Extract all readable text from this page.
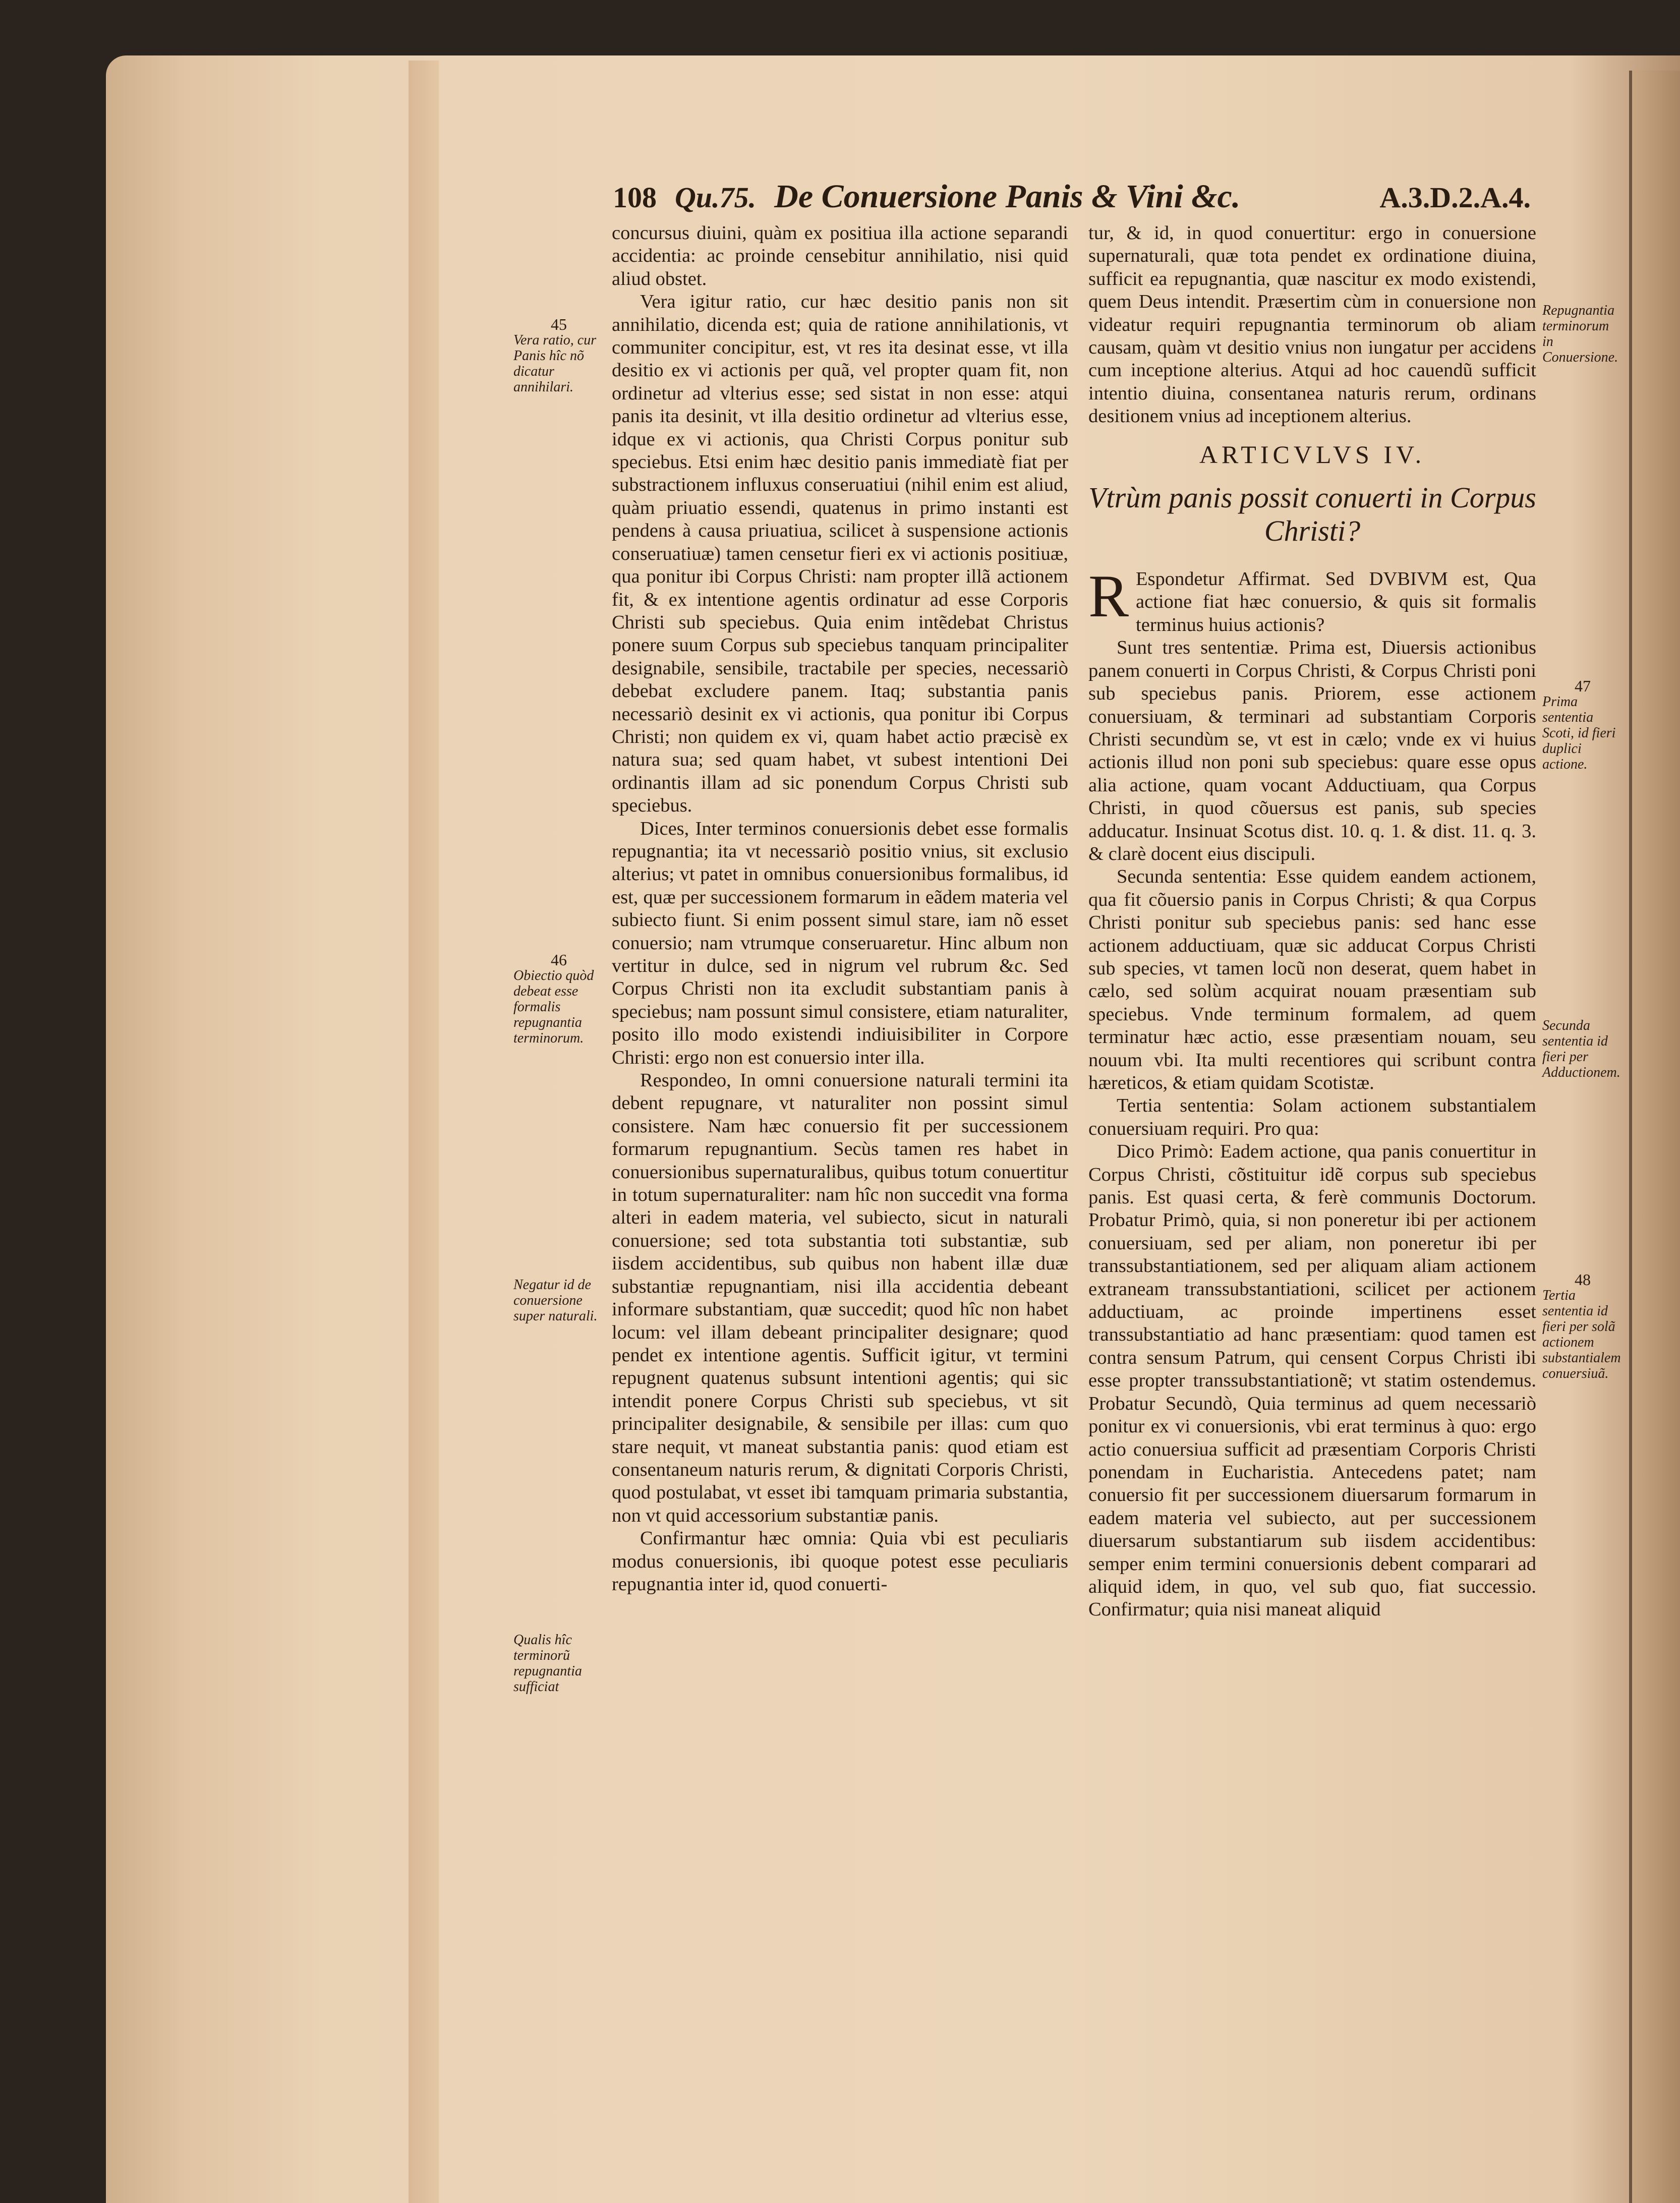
108 Qu.75. De Conuersione Panis & Vini &c.	A.3.D.2.A.4.

concursus diuini, quàm ex positiua illa actione separandi accidentia: ac proinde censebitur annihilatio, nisi quid aliud obstet.

Vera igitur ratio, cur hæc desitio panis non sit annihilatio, dicenda est; quia de ratione annihilationis, vt communiter concipitur, est, vt res ita desinat esse, vt illa desitio ex vi actionis per quã, vel propter quam fit, non ordinetur ad vlterius esse; sed sistat in non esse: atqui panis ita desinit, vt illa desitio ordinetur ad vlterius esse, idque ex vi actionis, qua Christi Corpus ponitur sub speciebus. Etsi enim hæc desitio panis immediatè fiat per substractionem influxus conseruatiui (nihil enim est aliud, quàm priuatio essendi, quatenus in primo instanti est pendens à causa priuatiua, scilicet à suspensione actionis conseruatiuæ) tamen censetur fieri ex vi actionis positiuæ, qua ponitur ibi Corpus Christi: nam propter illã actionem fit, & ex intentione agentis ordinatur ad esse Corporis Christi sub speciebus. Quia enim intẽdebat Christus ponere suum Corpus sub speciebus tanquam principaliter designabile, sensibile, tractabile per species, necessariò debebat excludere panem. Itaq; substantia panis necessariò desinit ex vi actionis, qua ponitur ibi Corpus Christi; non quidem ex vi, quam habet actio præcisè ex natura sua; sed quam habet, vt subest intentioni Dei ordinantis illam ad sic ponendum Corpus Christi sub speciebus.

Dices, Inter terminos conuersionis debet esse formalis repugnantia; ita vt necessariò positio vnius, sit exclusio alterius; vt patet in omnibus conuersionibus formalibus, id est, quæ per successionem formarum in eãdem materia vel subiecto fiunt. Si enim possent simul stare, iam nõ esset conuersio; nam vtrumque conseruaretur. Hinc album non vertitur in dulce, sed in nigrum vel rubrum &c. Sed Corpus Christi non ita excludit substantiam panis à speciebus; nam possunt simul consistere, etiam naturaliter, posito illo modo existendi indiuisibiliter in Corpore Christi: ergo non est conuersio inter illa.

Respondeo, In omni conuersione naturali termini ita debent repugnare, vt naturaliter non possint simul consistere. Nam hæc conuersio fit per successionem formarum repugnantium. Secùs tamen res habet in conuersionibus supernaturalibus, quibus totum conuertitur in totum supernaturaliter: nam hîc non succedit vna forma alteri in eadem materia, vel subiecto, sicut in naturali conuersione; sed tota substantia toti substantiæ, sub iisdem accidentibus, sub quibus non habent illæ duæ substantiæ repugnantiam, nisi illa accidentia debeant informare substantiam, quæ succedit; quod hîc non habet locum: vel illam debeant principaliter designare; quod pendet ex intentione agentis. Sufficit igitur, vt termini repugnent quatenus subsunt intentioni agentis; qui sic intendit ponere Corpus Christi sub speciebus, vt sit principaliter designabile, & sensibile per illas: cum quo stare nequit, vt maneat substantia panis: quod etiam est consentaneum naturis rerum, & dignitati Corporis Christi, quod postulabat, vt esset ibi tamquam primaria substantia, non vt quid accessorium substantiæ panis.

Confirmantur hæc omnia: Quia vbi est peculiaris modus conuersionis, ibi quoque potest esse peculiaris repugnantia inter id, quod conuerti-

tur, & id, in quod conuertitur: ergo in conuersione supernaturali, quæ tota pendet ex ordinatione diuina, sufficit ea repugnantia, quæ nascitur ex modo existendi, quem Deus intendit. Præsertim cùm in conuersione non videatur requiri repugnantia terminorum ob aliam causam, quàm vt desitio vnius non iungatur per accidens cum inceptione alterius. Atqui ad hoc cauendũ sufficit intentio diuina, consentanea naturis rerum, ordinans desitionem vnius ad inceptionem alterius.

ARTICVLVS IV.
Vtrùm panis possit conuerti in Corpus Christi?

R Espondetur Affirmat. Sed DVBIVM est, Qua actione fiat hæc conuersio, & quis sit formalis terminus huius actionis?

Sunt tres sententiæ. Prima est, Diuersis actionibus panem conuerti in Corpus Christi, & Corpus Christi poni sub speciebus panis. Priorem, esse actionem conuersiuam, & terminari ad substantiam Corporis Christi secundùm se, vt est in cælo; vnde ex vi huius actionis illud non poni sub speciebus: quare esse opus alia actione, quam vocant Adductiuam, qua Corpus Christi, in quod cõuersus est panis, sub species adducatur. Insinuat Scotus dist. 10. q. 1. & dist. 11. q. 3. & clarè docent eius discipuli.

Secunda sententia: Esse quidem eandem actionem, qua fit cõuersio panis in Corpus Christi; & qua Corpus Christi ponitur sub speciebus panis: sed hanc esse actionem adductiuam, quæ sic adducat Corpus Christi sub species, vt tamen locũ non deserat, quem habet in cælo, sed solùm acquirat nouam præsentiam sub speciebus. Vnde terminum formalem, ad quem terminatur hæc actio, esse præsentiam nouam, seu nouum vbi. Ita multi recentiores qui scribunt contra hæreticos, & etiam quidam Scotistæ.

Tertia sententia: Solam actionem substantialem conuersiuam requiri. Pro qua:

Dico Primò: Eadem actione, qua panis conuertitur in Corpus Christi, cõstituitur idẽ corpus sub speciebus panis. Est quasi certa, & ferè communis Doctorum. Probatur Primò, quia, si non poneretur ibi per actionem conuersiuam, sed per aliam, non poneretur ibi per transsubstantiationem, sed per aliquam aliam actionem extraneam transsubstantiationi, scilicet per actionem adductiuam, ac proinde impertinens esset transsubstantiatio ad hanc præsentiam: quod tamen est contra sensum Patrum, qui censent Corpus Christi ibi esse propter transsubstantiationẽ; vt statim ostendemus. Probatur Secundò, Quia terminus ad quem necessariò ponitur ex vi conuersionis, vbi erat terminus à quo: ergo actio conuersiua sufficit ad præsentiam Corporis Christi ponendam in Eucharistia. Antecedens patet; nam conuersio fit per successionem diuersarum formarum in eadem materia vel subiecto, aut per successionem diuersarum substantiarum sub iisdem accidentibus: semper enim termini conuersionis debent comparari ad aliquid idem, in quo, vel sub quo, fiat successio. Confirmatur; quia nisi maneat aliquid

45
Vera ratio, cur Panis hîc nõ dicatur annihilari.
46
Obiectio quòd debeat esse formalis repugnantia terminorum.
Negatur id de conuersione super naturali.
Qualis hîc terminorũ repugnantia sufficiat
Repugnantia terminorum in Conuersione.
47
Prima sententia Scoti, id fieri duplici actione.
Secunda sententia id fieri per Adductionem.
48
Tertia sententia id fieri per solã actionem substantialem conuersiuã.
